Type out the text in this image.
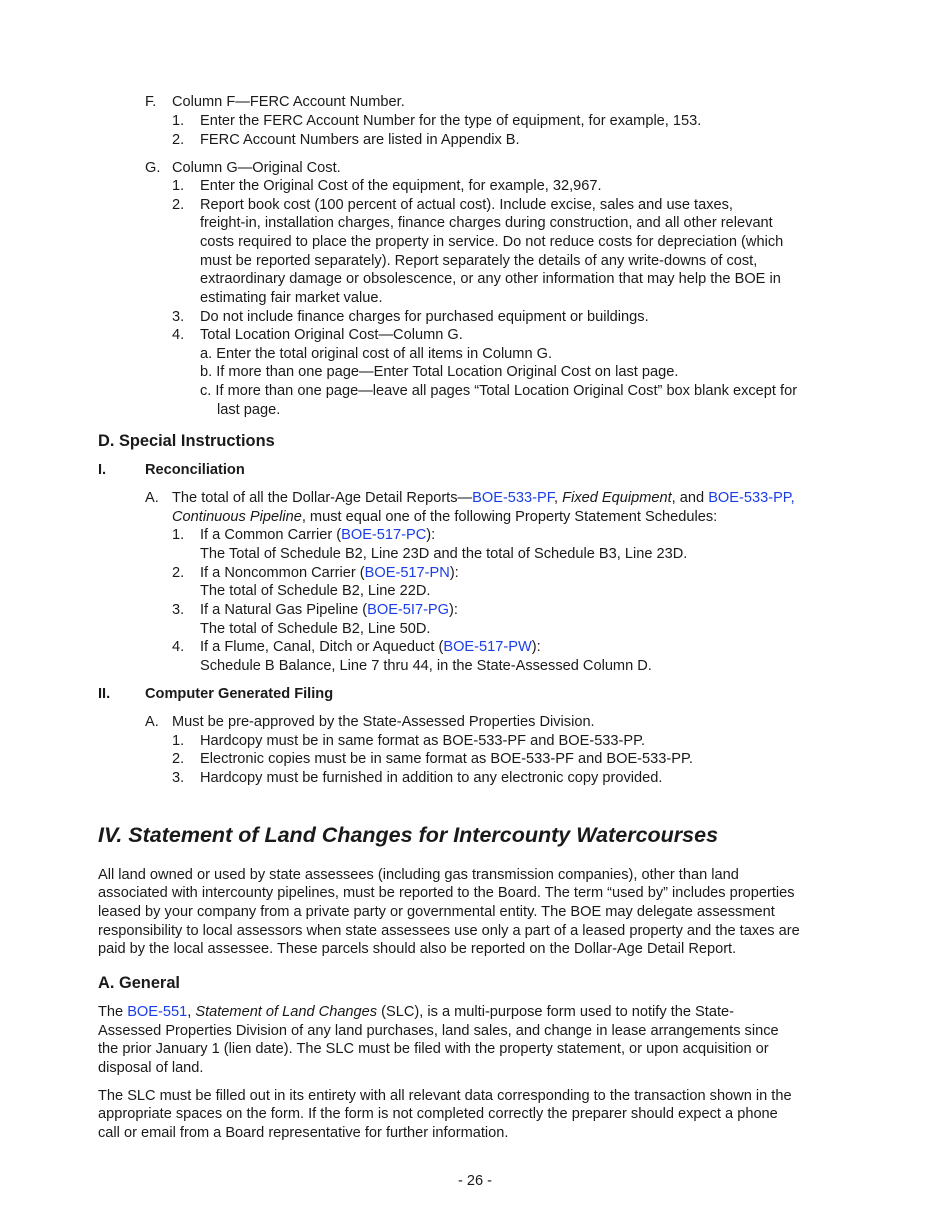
F. Column F—FERC Account Number.
1. Enter the FERC Account Number for the type of equipment, for example, 153.
2. FERC Account Numbers are listed in Appendix B.
G. Column G—Original Cost.
1. Enter the Original Cost of the equipment, for example, 32,967.
2. Report book cost (100 percent of actual cost). Include excise, sales and use taxes,
freight-in, installation charges, finance charges during construction, and all other relevant
costs required to place the property in service. Do not reduce costs for depreciation (which
must be reported separately). Report separately the details of any write-downs of cost,
extraordinary damage or obsolescence, or any other information that may help the BOE in
estimating fair market value.
3. Do not include finance charges for purchased equipment or buildings.
4. Total Location Original Cost—Column G.
a. Enter the total original cost of all items in Column G.
b. If more than one page—Enter Total Location Original Cost on last page.
c. If more than one page—leave all pages “Total Location Original Cost” box blank except for
last page.
D. Special Instructions
I.	Reconciliation
A. The total of all the Dollar-Age Detail Reports—BOE-533-PF, Fixed Equipment, and BOE-533-PP,
Continuous Pipeline, must equal one of the following Property Statement Schedules:
1. If a Common Carrier (BOE-517-PC):
The Total of Schedule B2, Line 23D and the total of Schedule B3, Line 23D.
2. If a Noncommon Carrier (BOE-517-PN):
The total of Schedule B2, Line 22D.
3. If a Natural Gas Pipeline (BOE-5I7-PG):
The total of Schedule B2, Line 50D.
4. If a Flume, Canal, Ditch or Aqueduct (BOE-517-PW):
Schedule B Balance, Line 7 thru 44, in the State-Assessed Column D.
II. Computer Generated Filing
A. Must be pre-approved by the State-Assessed Properties Division.
1. Hardcopy must be in same format as BOE-533-PF and BOE-533-PP.
2. Electronic copies must be in same format as BOE-533-PF and BOE-533-PP.
3. Hardcopy must be furnished in addition to any electronic copy provided.
IV. Statement of Land Changes for Intercounty Watercourses
All land owned or used by state assessees (including gas transmission companies), other than land
associated with intercounty pipelines, must be reported to the Board. The term “used by” includes properties
leased by your company from a private party or governmental entity. The BOE may delegate assessment
responsibility to local assessors when state assessees use only a part of a leased property and the taxes are
paid by the local assessee. These parcels should also be reported on the Dollar-Age Detail Report.
A. General
The BOE-551, Statement of Land Changes (SLC), is a multi-purpose form used to notify the State-
Assessed Properties Division of any land purchases, land sales, and change in lease arrangements since
the prior January 1 (lien date). The SLC must be filed with the property statement, or upon acquisition or
disposal of land.
The SLC must be filled out in its entirety with all relevant data corresponding to the transaction shown in the
appropriate spaces on the form. If the form is not completed correctly the preparer should expect a phone
call or email from a Board representative for further information.
- 26 -
